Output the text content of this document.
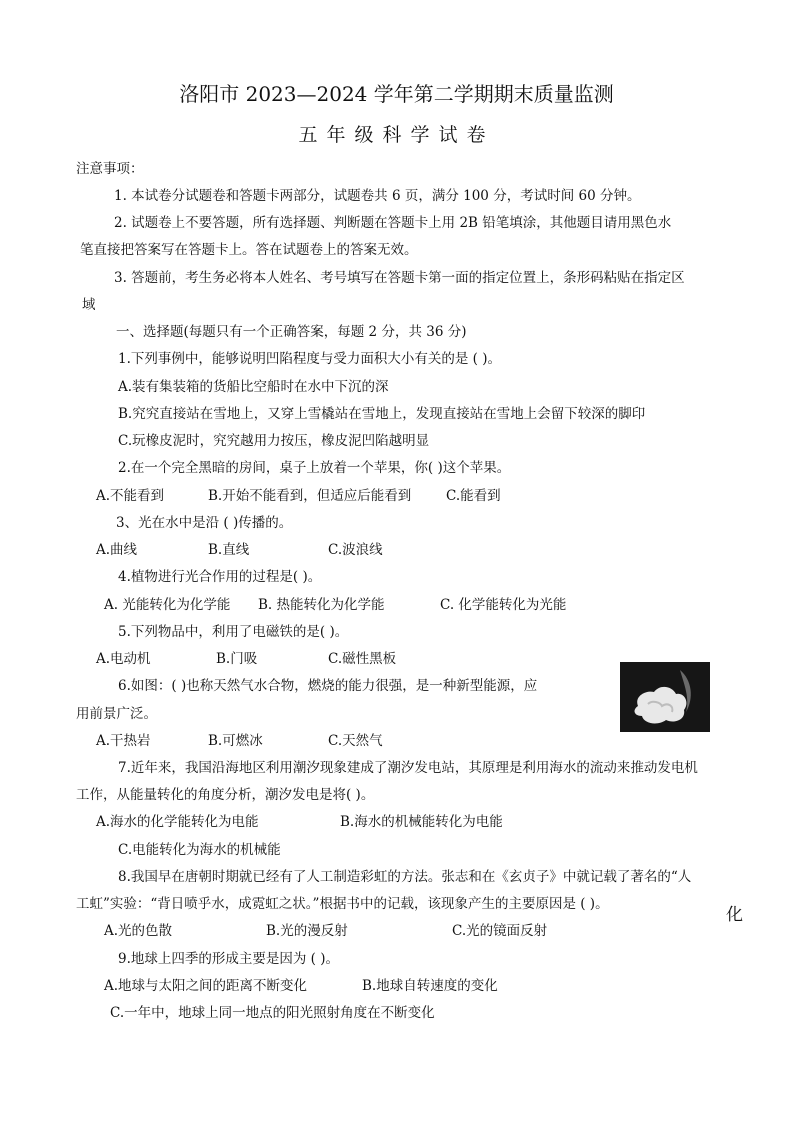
洛阳市 2023—2024 学年第二学期期末质量监测
五年级科学试卷
注意事项：
1. 本试卷分试题卷和答题卡两部分，试题卷共 6 页，满分 100 分，考试时间 60 分钟。
2. 试题卷上不要答题，所有选择题、判断题在答题卡上用 2B 铅笔填涂，其他题目请用黑色水
笔直接把答案写在答题卡上。答在试题卷上的答案无效。
3. 答题前，考生务必将本人姓名、考号填写在答题卡第一面的指定位置上，条形码粘贴在指定区
域
一、选择题(每题只有一个正确答案，每题 2 分，共 36 分)
1.下列事例中，能够说明凹陷程度与受力面积大小有关的是 ( )。
A.装有集装箱的货船比空船时在水中下沉的深
B.究究直接站在雪地上，又穿上雪橇站在雪地上，发现直接站在雪地上会留下较深的脚印
C.玩橡皮泥时，究究越用力按压，橡皮泥凹陷越明显
2.在一个完全黑暗的房间，桌子上放着一个苹果，你( )这个苹果。
A.不能看到	B.开始不能看到，但适应后能看到	C.能看到
3、光在水中是沿 ( )传播的。
A.曲线	B.直线	C.波浪线
4.植物进行光合作用的过程是( )。
A. 光能转化为化学能 B. 热能转化为化学能	C. 化学能转化为光能
5.下列物品中，利用了电磁铁的是( )。
A.电动机	B.门吸	C.磁性黑板
6.如图：( )也称天然气水合物，燃烧的能力很强，是一种新型能源，应
用前景广泛。
A.干热岩	B.可燃冰	C.天然气
7.近年来，我国沿海地区利用潮汐现象建成了潮汐发电站，其原理是利用海水的流动来推动发电机
工作，从能量转化的角度分析，潮汐发电是将( )。
A.海水的化学能转化为电能	B.海水的机械能转化为电能
C.电能转化为海水的机械能
8.我国早在唐朝时期就已经有了人工制造彩虹的方法。张志和在《玄贞子》中就记载了著名的“人
工虹”实验：“背日喷乎水，成霓虹之状。”根据书中的记载，该现象产生的主要原因是 ( )。
化
A.光的色散	B.光的漫反射	C.光的镜面反射
9.地球上四季的形成主要是因为 ( )。
A.地球与太阳之间的距离不断变化	B.地球自转速度的变化
C.一年中，地球上同一地点的阳光照射角度在不断变化
